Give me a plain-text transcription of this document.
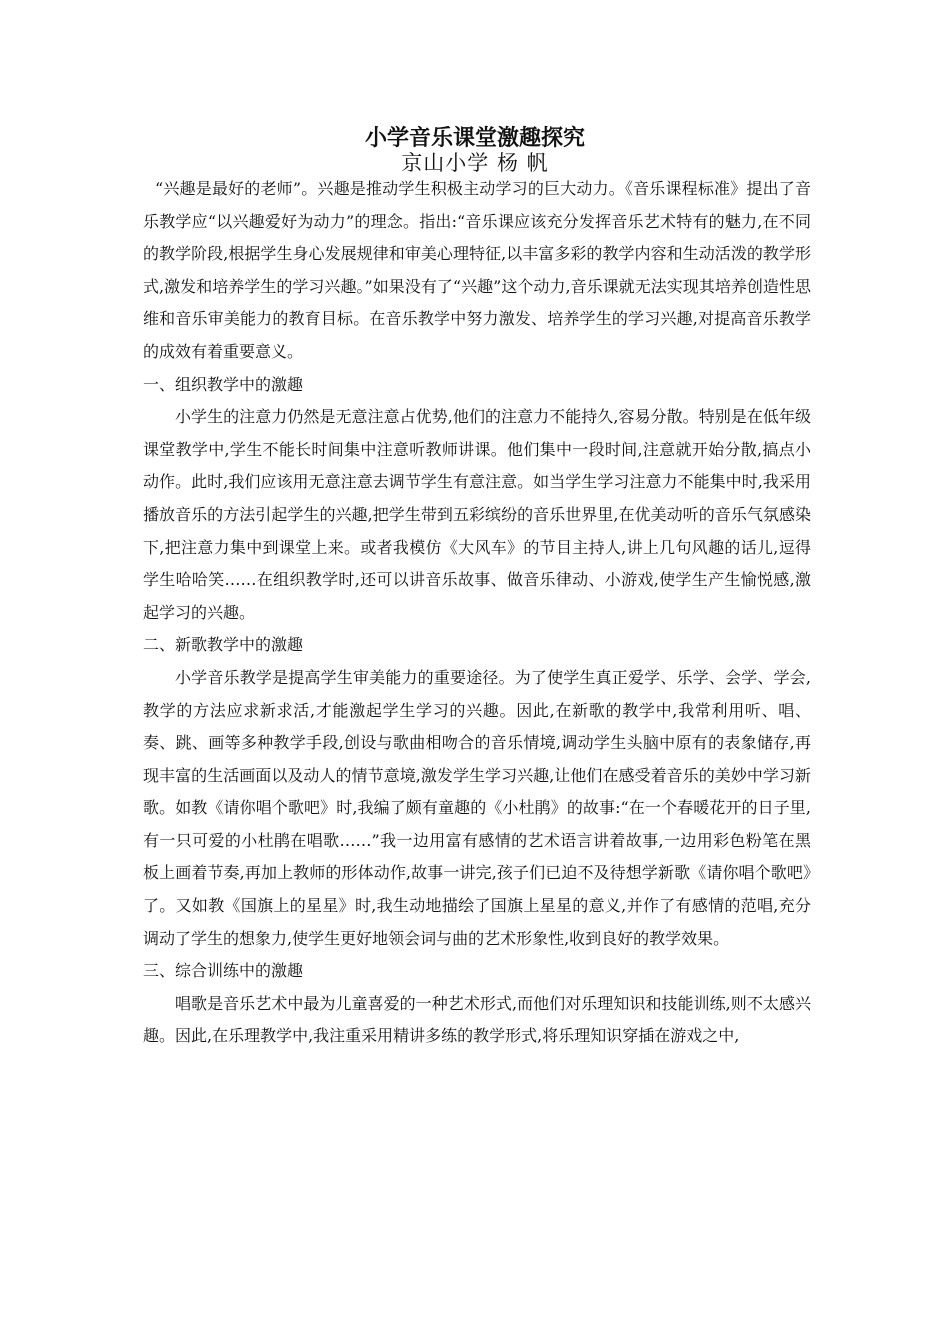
小学音乐课堂激趣探究
京山小学 杨 帆

“兴趣是最好的老师”。兴趣是推动学生积极主动学习的巨大动力。《音乐课程标准》提出了音乐教学应“以兴趣爱好为动力”的理念。指出:“音乐课应该充分发挥音乐艺术特有的魅力,在不同的教学阶段,根据学生身心发展规律和审美心理特征,以丰富多彩的教学内容和生动活泼的教学形式,激发和培养学生的学习兴趣。”如果没有了“兴趣”这个动力,音乐课就无法实现其培养创造性思维和音乐审美能力的教育目标。在音乐教学中努力激发、培养学生的学习兴趣,对提高音乐教学的成效有着重要意义。

一、组织教学中的激趣

小学生的注意力仍然是无意注意占优势,他们的注意力不能持久,容易分散。特别是在低年级课堂教学中,学生不能长时间集中注意听教师讲课。他们集中一段时间,注意就开始分散,搞点小动作。此时,我们应该用无意注意去调节学生有意注意。如当学生学习注意力不能集中时,我采用播放音乐的方法引起学生的兴趣,把学生带到五彩缤纷的音乐世界里,在优美动听的音乐气氛感染下,把注意力集中到课堂上来。或者我模仿《大风车》的节目主持人,讲上几句风趣的话儿,逗得学生哈哈笑……在组织教学时,还可以讲音乐故事、做音乐律动、小游戏,使学生产生愉悦感,激起学习的兴趣。

二、新歌教学中的激趣

小学音乐教学是提高学生审美能力的重要途径。为了使学生真正爱学、乐学、会学、学会,教学的方法应求新求活,才能激起学生学习的兴趣。因此,在新歌的教学中,我常利用听、唱、奏、跳、画等多种教学手段,创设与歌曲相吻合的音乐情境,调动学生头脑中原有的表象储存,再现丰富的生活画面以及动人的情节意境,激发学生学习兴趣,让他们在感受着音乐的美妙中学习新歌。如教《请你唱个歌吧》时,我编了颇有童趣的《小杜鹃》的故事:“在一个春暖花开的日子里,有一只可爱的小杜鹃在唱歌……”我一边用富有感情的艺术语言讲着故事,一边用彩色粉笔在黑板上画着节奏,再加上教师的形体动作,故事一讲完,孩子们已迫不及待想学新歌《请你唱个歌吧》了。又如教《国旗上的星星》时,我生动地描绘了国旗上星星的意义,并作了有感情的范唱,充分调动了学生的想象力,使学生更好地领会词与曲的艺术形象性,收到良好的教学效果。

三、综合训练中的激趣

唱歌是音乐艺术中最为儿童喜爱的一种艺术形式,而他们对乐理知识和技能训练,则不太感兴趣。因此,在乐理教学中,我注重采用精讲多练的教学形式,将乐理知识穿插在游戏之中,
